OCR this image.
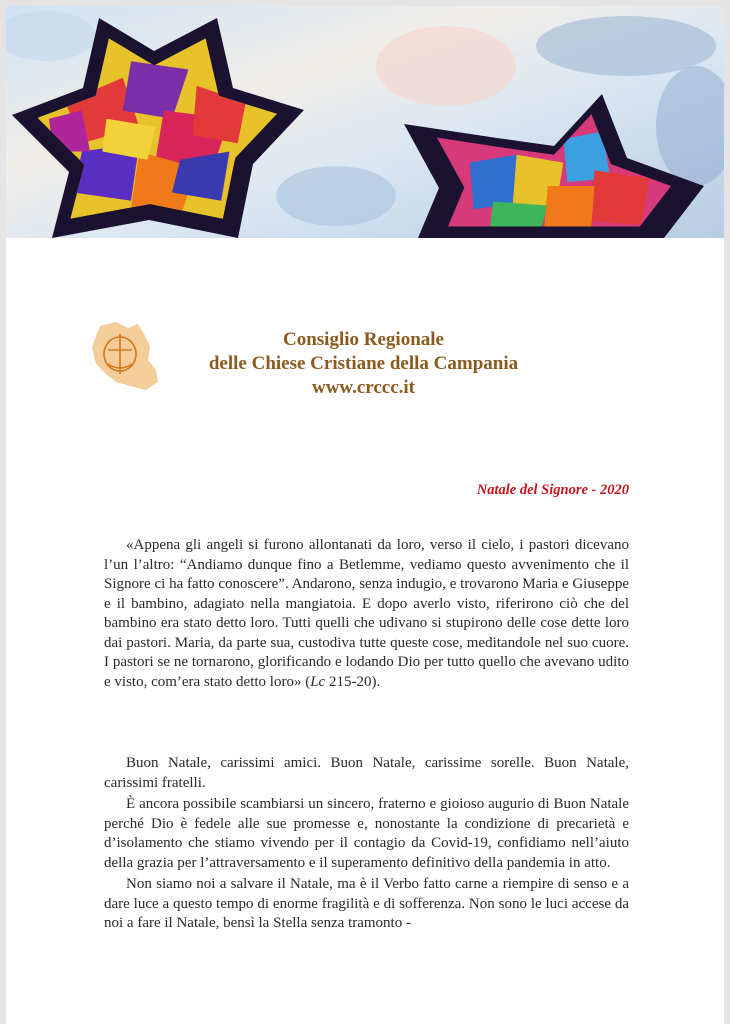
Consiglio Regionale
delle Chiese Cristiane della Campania
www.crccc.it
Natale del Signore - 2020

«Appena gli angeli si furono allontanati da loro, verso il cielo, i pastori dicevano l’un l’altro: “Andiamo dunque fino a Betlemme, vediamo questo avvenimento che il Signore ci ha fatto conoscere”. Andarono, senza indugio, e trovarono Maria e Giuseppe e il bambino, adagiato nella mangiatoia. E dopo averlo visto, riferirono ciò che del bambino era stato detto loro. Tutti quelli che udivano si stupirono delle cose dette loro dai pastori. Maria, da parte sua, custodiva tutte queste cose, meditandole nel suo cuore. I pastori se ne tornarono, glorificando e lodando Dio per tutto quello che avevano udito e visto, com’era stato detto loro» (Lc 215-20).

Buon Natale, carissimi amici. Buon Natale, carissime sorelle. Buon Natale, carissimi fratelli.

È ancora possibile scambiarsi un sincero, fraterno e gioioso augurio di Buon Natale perché Dio è fedele alle sue promesse e, nonostante la condizione di precarietà e d’isolamento che stiamo vivendo per il contagio da Covid-19, confidiamo nell’aiuto della grazia per l’attraversamento e il superamento definitivo della pandemia in atto.

Non siamo noi a salvare il Natale, ma è il Verbo fatto carne a riempire di senso e a dare luce a questo tempo di enorme fragilità e di sofferenza. Non sono le luci accese da noi a fare il Natale, bensì la Stella senza tramonto -
